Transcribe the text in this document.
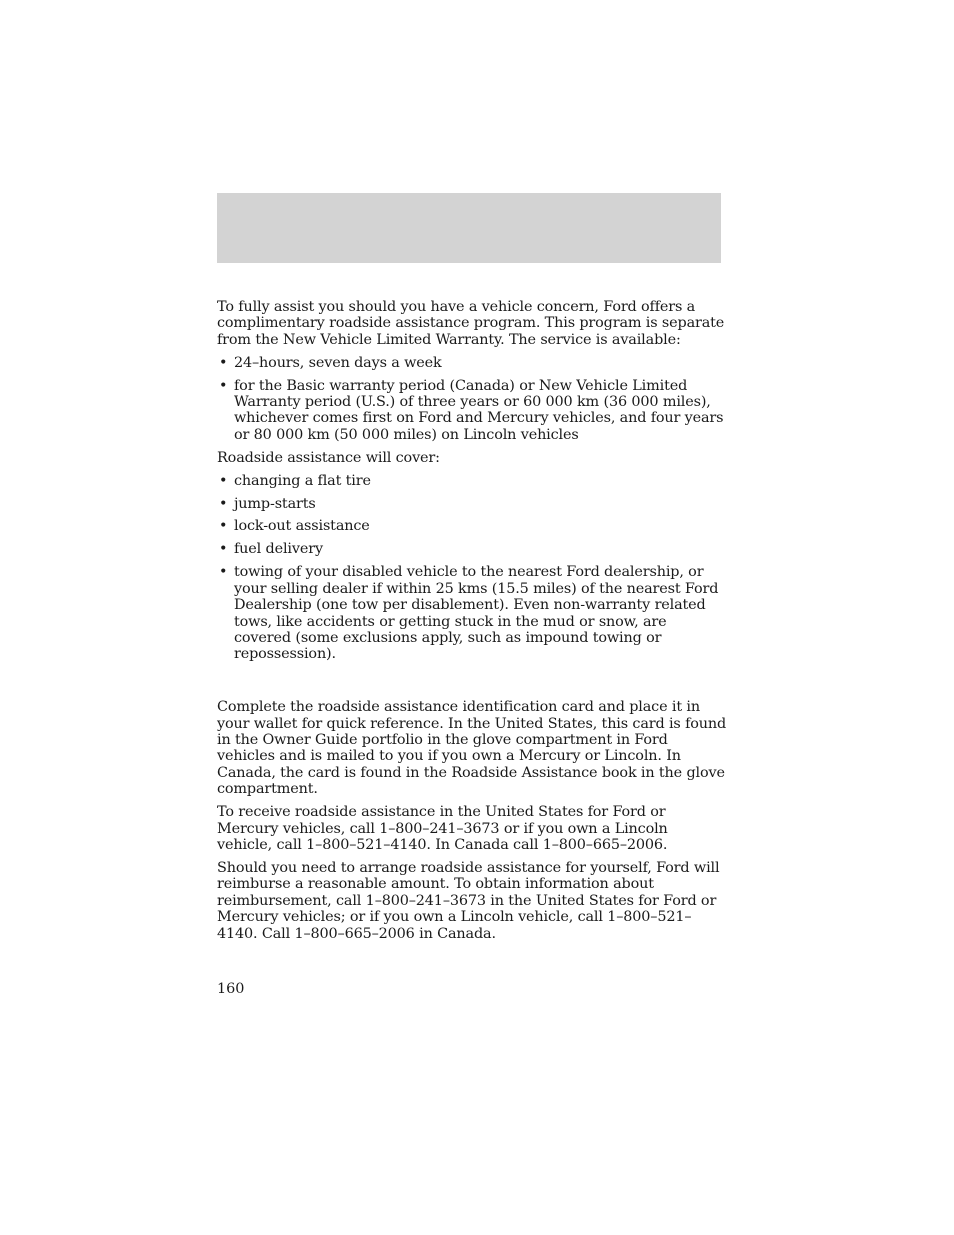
To fully assist you should you have a vehicle concern, Ford offers a complimentary roadside assistance program. This program is separate from the New Vehicle Limited Warranty. The service is available:

• 24–hours, seven days a week
• for the Basic warranty period (Canada) or New Vehicle Limited Warranty period (U.S.) of three years or 60 000 km (36 000 miles), whichever comes first on Ford and Mercury vehicles, and four years or 80 000 km (50 000 miles) on Lincoln vehicles

Roadside assistance will cover:

• changing a flat tire
• jump-starts
• lock-out assistance
• fuel delivery
• towing of your disabled vehicle to the nearest Ford dealership, or your selling dealer if within 25 kms (15.5 miles) of the nearest Ford Dealership (one tow per disablement). Even non-warranty related tows, like accidents or getting stuck in the mud or snow, are covered (some exclusions apply, such as impound towing or repossession).

Complete the roadside assistance identification card and place it in your wallet for quick reference. In the United States, this card is found in the Owner Guide portfolio in the glove compartment in Ford vehicles and is mailed to you if you own a Mercury or Lincoln. In Canada, the card is found in the Roadside Assistance book in the glove compartment.

To receive roadside assistance in the United States for Ford or Mercury vehicles, call 1–800–241–3673 or if you own a Lincoln vehicle, call 1–800–521–4140. In Canada call 1–800–665–2006.

Should you need to arrange roadside assistance for yourself, Ford will reimburse a reasonable amount. To obtain information about reimbursement, call 1–800–241–3673 in the United States for Ford or Mercury vehicles; or if you own a Lincoln vehicle, call 1–800–521–4140. Call 1–800–665–2006 in Canada.

160
